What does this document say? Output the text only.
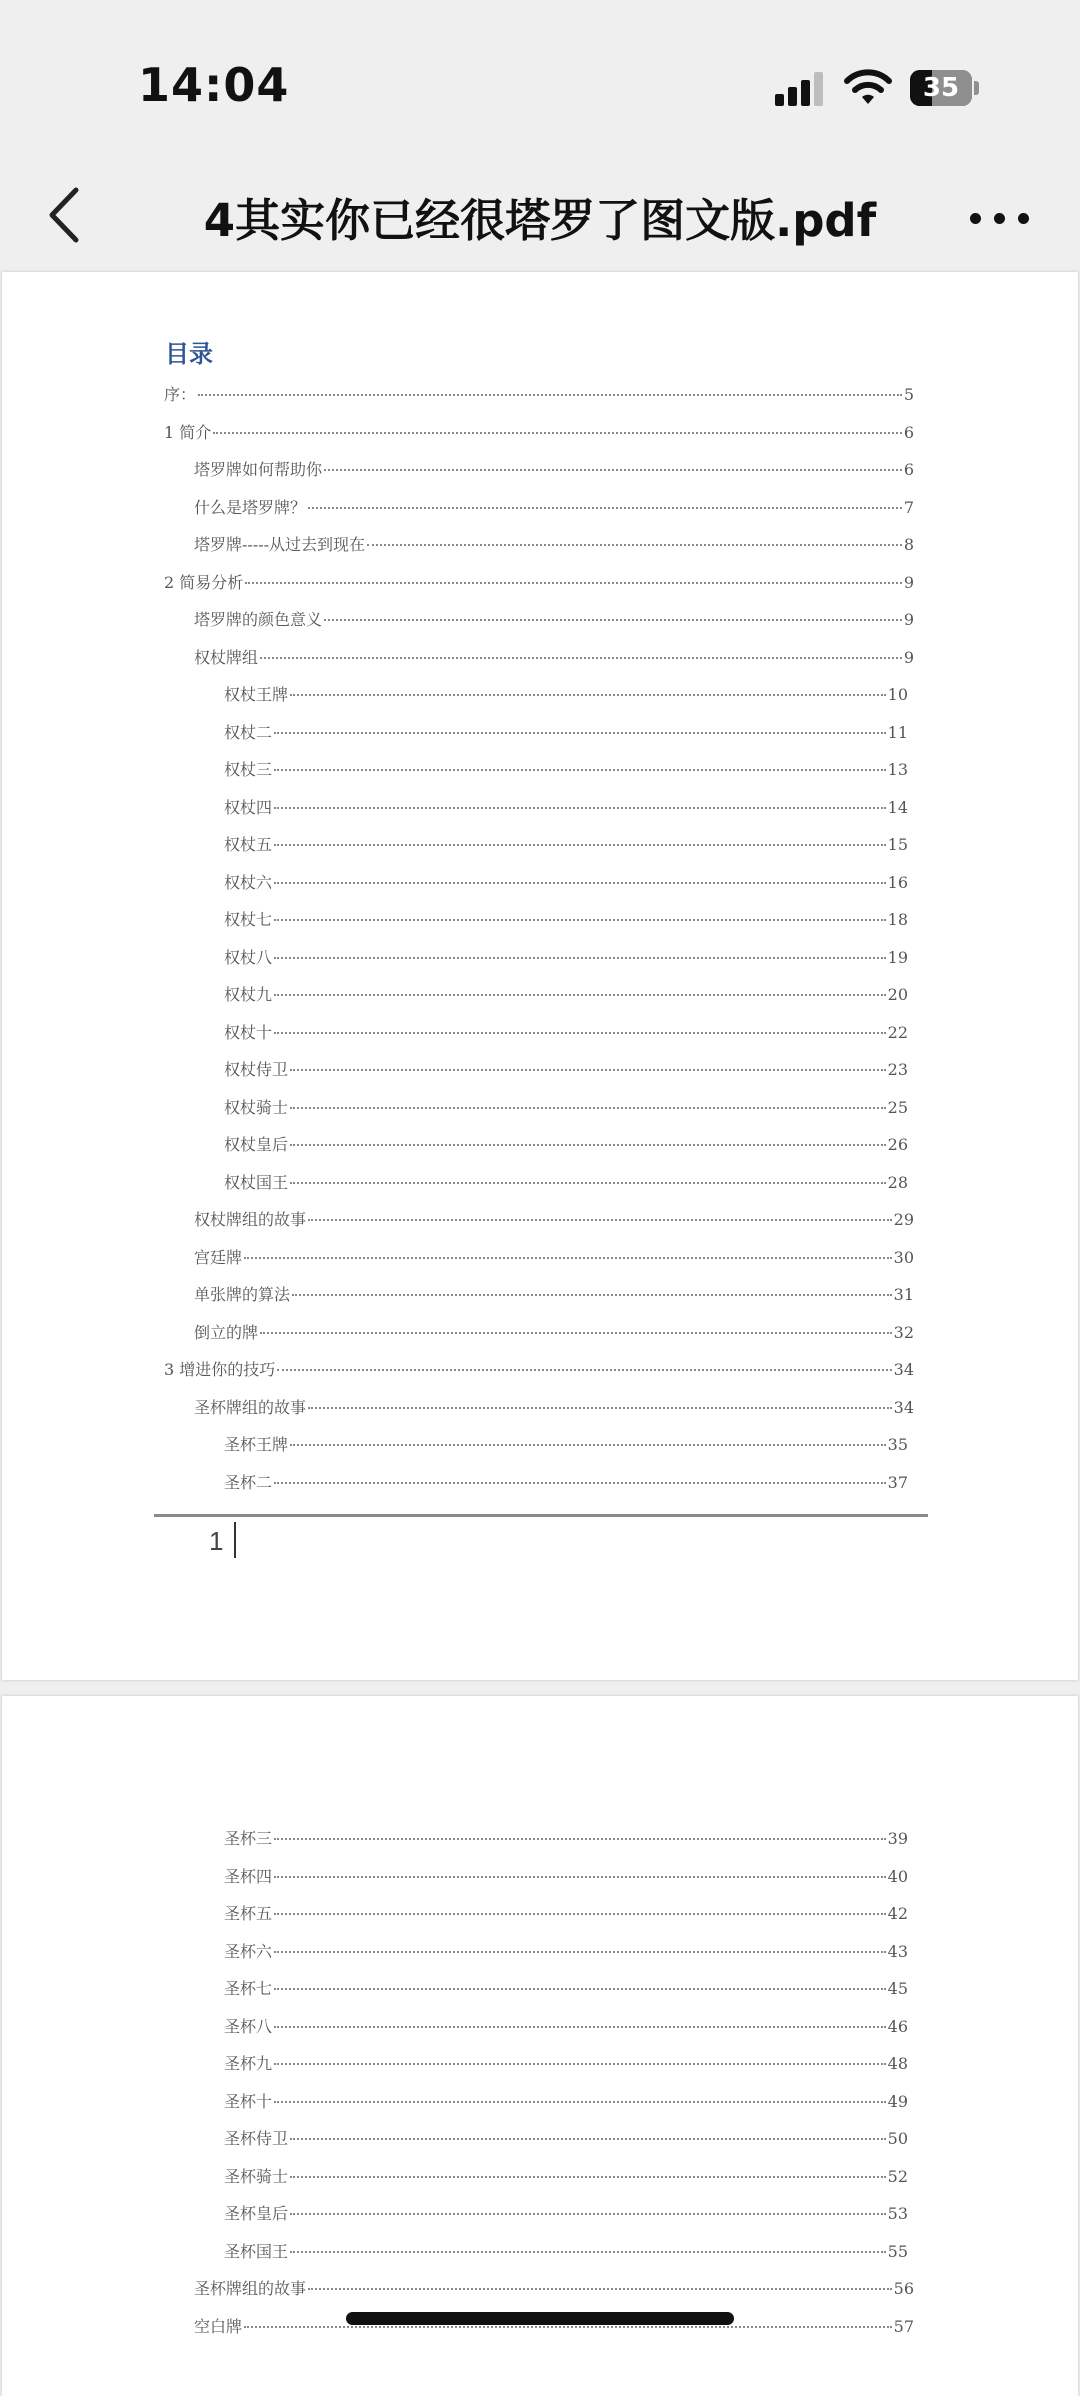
14:04	35
4其实你已经很塔罗了图文版.pdf
目录
序：	5
1 简介	6
塔罗牌如何帮助你	6
什么是塔罗牌？	7
塔罗牌-----从过去到现在	8
2 简易分析	9
塔罗牌的颜色意义	9
权杖牌组	9
权杖王牌	10
权杖二	11
权杖三	13
权杖四	14
权杖五	15
权杖六	16
权杖七	18
权杖八	19
权杖九	20
权杖十	22
权杖侍卫	23
权杖骑士	25
权杖皇后	26
权杖国王	28
权杖牌组的故事	29
宫廷牌	30
单张牌的算法	31
倒立的牌	32
3 增进你的技巧	34
圣杯牌组的故事	34
圣杯王牌	35
圣杯二	37
1
圣杯三	39
圣杯四	40
圣杯五	42
圣杯六	43
圣杯七	45
圣杯八	46
圣杯九	48
圣杯十	49
圣杯侍卫	50
圣杯骑士	52
圣杯皇后	53
圣杯国王	55
圣杯牌组的故事	56
空白牌	57
